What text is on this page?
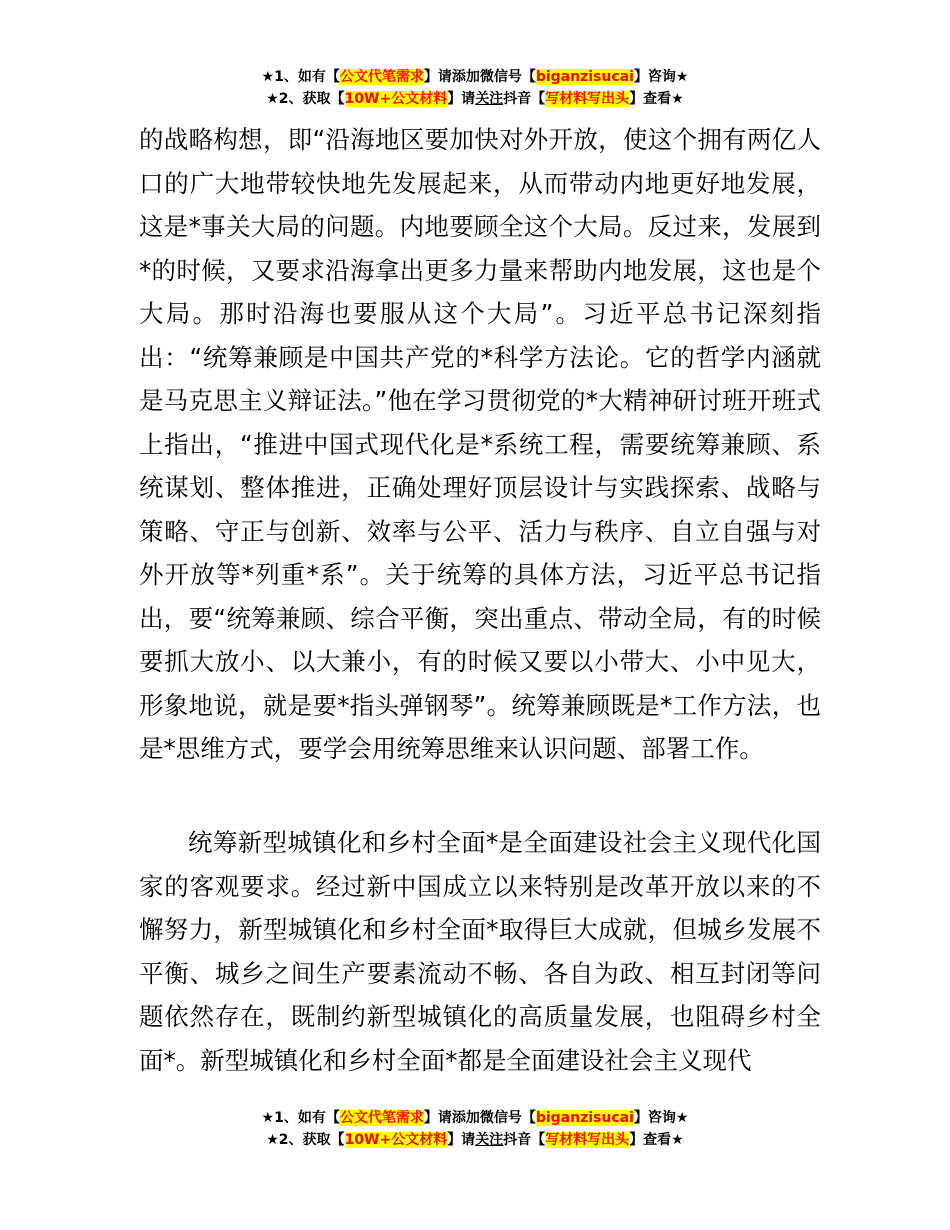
★1、如有【公文代笔需求】请添加微信号【biganzisucai】咨询★
★2、获取【10W+公文材料】请关注抖音【写材料写出头】查看★

的战略构想，即“沿海地区要加快对外开放，使这个拥有两亿人口的广大地带较快地先发展起来，从而带动内地更好地发展，这是*事关大局的问题。内地要顾全这个大局。反过来，发展到*的时候，又要求沿海拿出更多力量来帮助内地发展，这也是个大局。那时沿海也要服从这个大局”。习近平总书记深刻指出：“统筹兼顾是中国共产党的*科学方法论。它的哲学内涵就是马克思主义辩证法。”他在学习贯彻党的*大精神研讨班开班式上指出，“推进中国式现代化是*系统工程，需要统筹兼顾、系统谋划、整体推进，正确处理好顶层设计与实践探索、战略与策略、守正与创新、效率与公平、活力与秩序、自立自强与对外开放等*列重*系”。关于统筹的具体方法，习近平总书记指出，要“统筹兼顾、综合平衡，突出重点、带动全局，有的时候要抓大放小、以大兼小，有的时候又要以小带大、小中见大，形象地说，就是要*指头弹钢琴”。统筹兼顾既是*工作方法，也是*思维方式，要学会用统筹思维来认识问题、部署工作。

统筹新型城镇化和乡村全面*是全面建设社会主义现代化国家的客观要求。经过新中国成立以来特别是改革开放以来的不懈努力，新型城镇化和乡村全面*取得巨大成就，但城乡发展不平衡、城乡之间生产要素流动不畅、各自为政、相互封闭等问题依然存在，既制约新型城镇化的高质量发展，也阻碍乡村全面*。新型城镇化和乡村全面*都是全面建设社会主义现代

★1、如有【公文代笔需求】请添加微信号【biganzisucai】咨询★
★2、获取【10W+公文材料】请关注抖音【写材料写出头】查看★
